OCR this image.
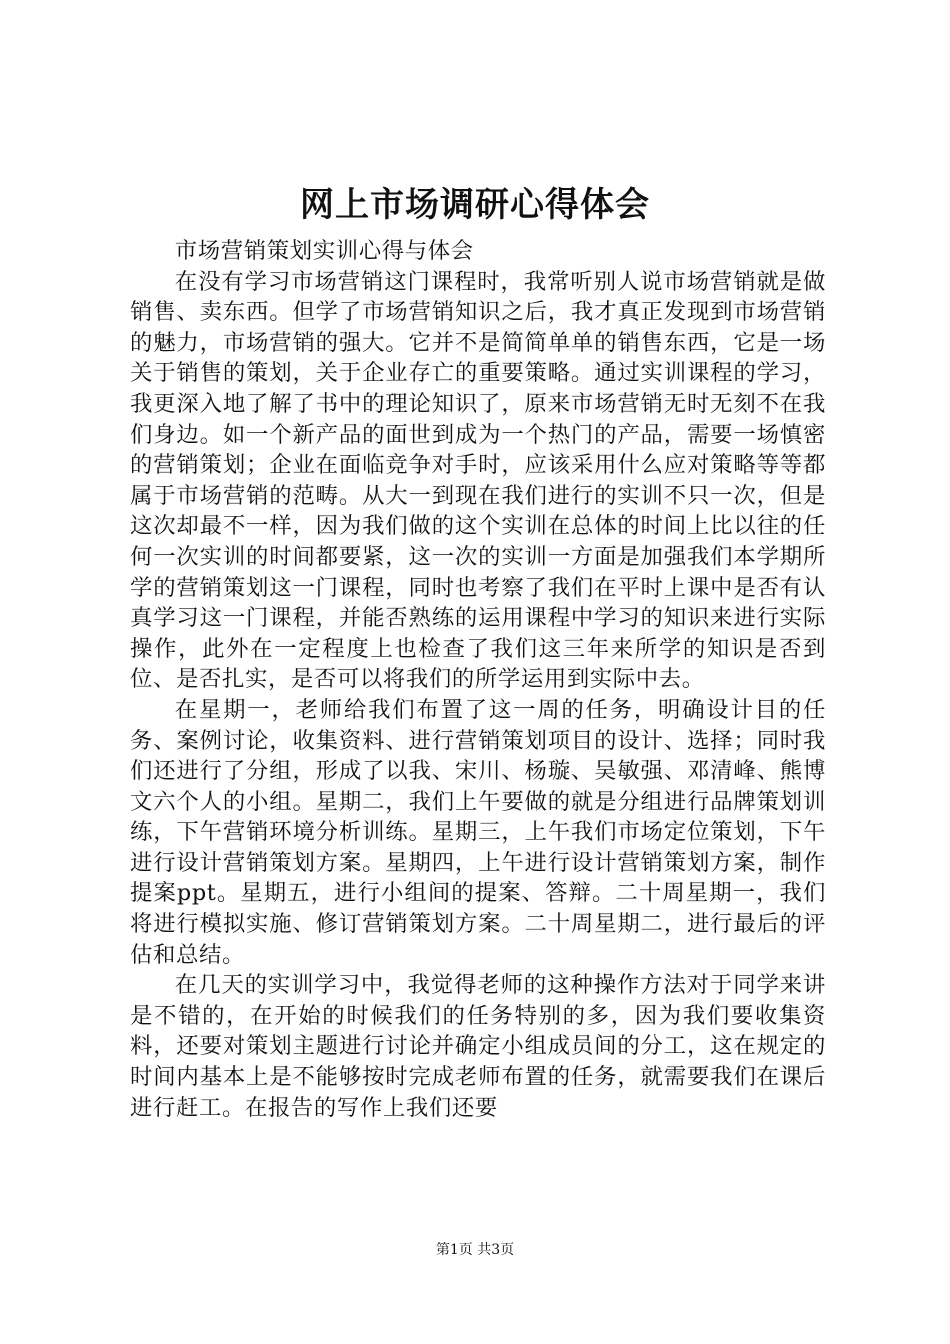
网上市场调研心得体会

市场营销策划实训心得与体会

在没有学习市场营销这门课程时，我常听别人说市场营销就是做销售、卖东西。但学了市场营销知识之后，我才真正发现到市场营销的魅力，市场营销的强大。它并不是简简单单的销售东西，它是一场关于销售的策划，关于企业存亡的重要策略。通过实训课程的学习，我更深入地了解了书中的理论知识了，原来市场营销无时无刻不在我们身边。如一个新产品的面世到成为一个热门的产品，需要一场慎密的营销策划；企业在面临竞争对手时，应该采用什么应对策略等等都属于市场营销的范畴。从大一到现在我们进行的实训不只一次，但是这次却最不一样，因为我们做的这个实训在总体的时间上比以往的任何一次实训的时间都要紧，这一次的实训一方面是加强我们本学期所学的营销策划这一门课程，同时也考察了我们在平时上课中是否有认真学习这一门课程，并能否熟练的运用课程中学习的知识来进行实际操作，此外在一定程度上也检查了我们这三年来所学的知识是否到位、是否扎实，是否可以将我们的所学运用到实际中去。

在星期一，老师给我们布置了这一周的任务，明确设计目的任务、案例讨论，收集资料、进行营销策划项目的设计、选择；同时我们还进行了分组，形成了以我、宋川、杨璇、吴敏强、邓清峰、熊博文六个人的小组。星期二，我们上午要做的就是分组进行品牌策划训练，下午营销环境分析训练。星期三，上午我们市场定位策划，下午进行设计营销策划方案。星期四，上午进行设计营销策划方案，制作提案ppt。星期五，进行小组间的提案、答辩。二十周星期一，我们将进行模拟实施、修订营销策划方案。二十周星期二，进行最后的评估和总结。

在几天的实训学习中，我觉得老师的这种操作方法对于同学来讲是不错的，在开始的时候我们的任务特别的多，因为我们要收集资料，还要对策划主题进行讨论并确定小组成员间的分工，这在规定的时间内基本上是不能够按时完成老师布置的任务，就需要我们在课后进行赶工。在报告的写作上我们还要

第1页 共3页
